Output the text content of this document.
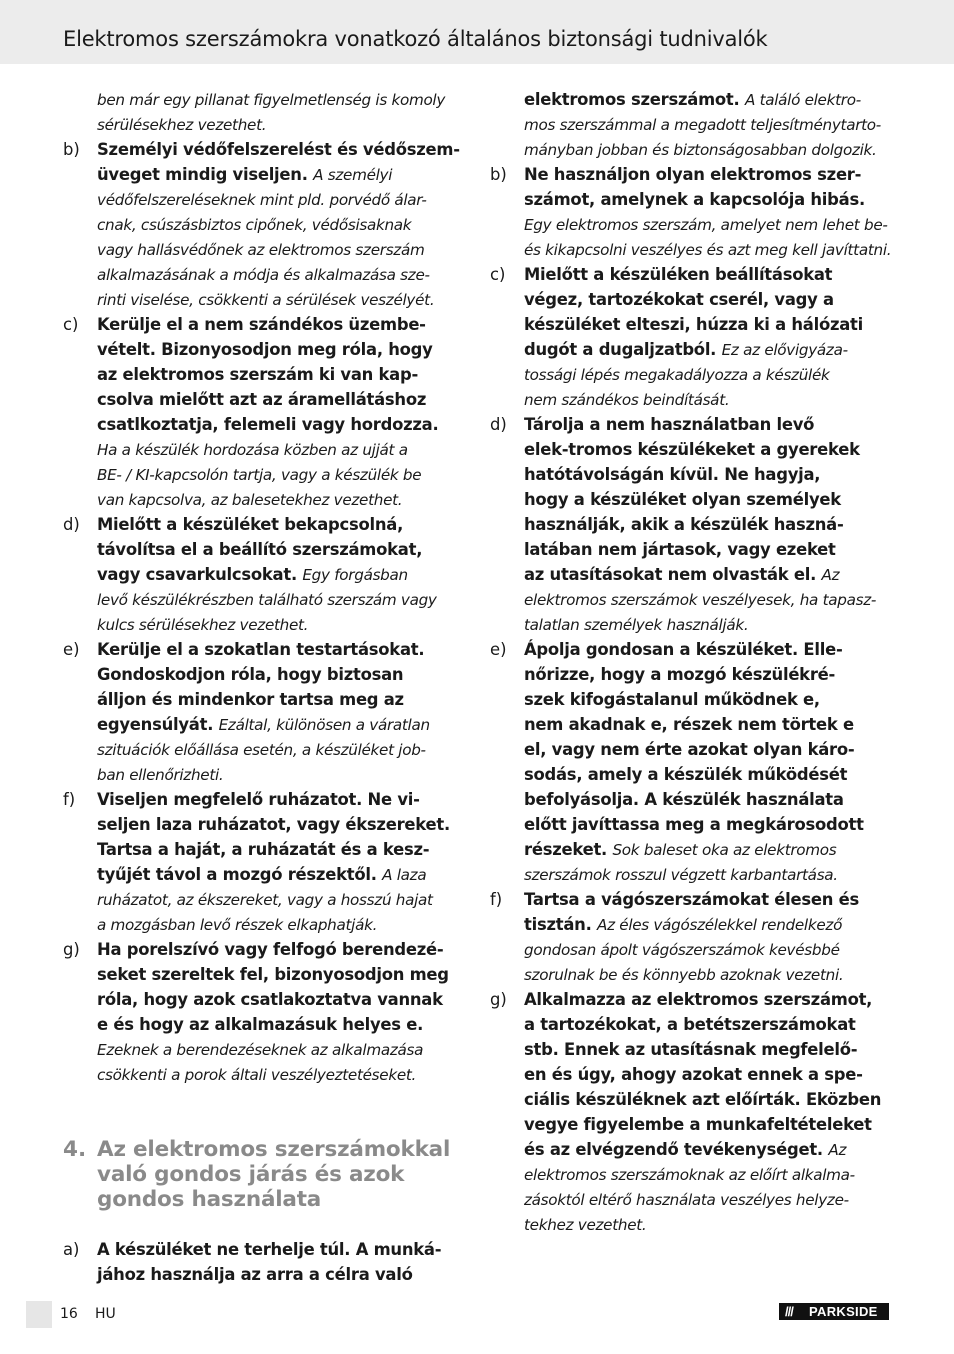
Elektromos szerszámokra vonatkozó általános biztonsági tudnivalók
ben már egy pillanat figyelmetlenség is komoly
sérülésekhez vezethet.
b) Személyi védőfelszerelést és védőszem-
üveget mindig viseljen. A személyi
védőfelszereléseknek mint pld. porvédő álar-
cnak, csúszásbiztos cipőnek, védősisaknak
vagy hallásvédőnek az elektromos szerszám
alkalmazásának a módja és alkalmazása sze-
rinti viselése, csökkenti a sérülések veszélyét.
c) Kerülje el a nem szándékos üzembe-
vételt. Bizonyosodjon meg róla, hogy
az elektromos szerszám ki van kap-
csolva mielőtt azt az áramellátáshoz
csatlkoztatja, felemeli vagy hordozza.
Ha a készülék hordozása közben az ujját a
BE- / KI-kapcsolón tartja, vagy a készülék be
van kapcsolva, az balesetekhez vezethet.
d) Mielőtt a készüléket bekapcsolná,
távolítsa el a beállító szerszámokat,
vagy csavarkulcsokat. Egy forgásban
levő készülékrészben található szerszám vagy
kulcs sérülésekhez vezethet.
e) Kerülje el a szokatlan testartásokat.
Gondoskodjon róla, hogy biztosan
álljon és mindenkor tartsa meg az
egyensúlyát. Ezáltal, különösen a váratlan
szituációk előállása esetén, a készüléket job-
ban ellenőrizheti.
f) Viseljen megfelelő ruházatot. Ne vi-
seljen laza ruházatot, vagy ékszereket.
Tartsa a haját, a ruházatát és a kesz-
tyűjét távol a mozgó részektől. A laza
ruházatot, az ékszereket, vagy a hosszú hajat
a mozgásban levő részek elkaphatják.
g) Ha porelszívó vagy felfogó berendezé-
seket szereltek fel, bizonyosodjon meg
róla, hogy azok csatlakoztatva vannak
e és hogy az alkalmazásuk helyes e.
Ezeknek a berendezéseknek az alkalmazása
csökkenti a porok általi veszélyeztetéseket.
4. Az elektromos szerszámokkal
való gondos járás és azok
gondos használata
a) A készüléket ne terhelje túl. A munká-
jához használja az arra a célra való
elektromos szerszámot. A találó elektro-
mos szerszámmal a megadott teljesítménytarto-
mányban jobban és biztonságosabban dolgozik.
b) Ne használjon olyan elektromos szer-
számot, amelynek a kapcsolója hibás.
Egy elektromos szerszám, amelyet nem lehet be-
és kikapcsolni veszélyes és azt meg kell javíttatni.
c) Mielőtt a készüléken beállításokat
végez, tartozékokat cserél, vagy a
készüléket elteszi, húzza ki a hálózati
dugót a dugaljzatból. Ez az elővigyáza-
tossági lépés megakadályozza a készülék
nem szándékos beindítását.
d) Tárolja a nem használatban levő
elek-tromos készülékeket a gyerekek
hatótávolságán kívül. Ne hagyja,
hogy a készüléket olyan személyek
használják, akik a készülék haszná-
latában nem jártasok, vagy ezeket
az utasításokat nem olvasták el. Az
elektromos szerszámok veszélyesek, ha tapasz-
talatlan személyek használják.
e) Ápolja gondosan a készüléket. Elle-
nőrizze, hogy a mozgó készülékré-
szek kifogástalanul működnek e,
nem akadnak e, részek nem törtek e
el, vagy nem érte azokat olyan káro-
sodás, amely a készülék működését
befolyásolja. A készülék használata
előtt javíttassa meg a megkárosodott
részeket. Sok baleset oka az elektromos
szerszámok rosszul végzett karbantartása.
f) Tartsa a vágószerszámokat élesen és
tisztán. Az éles vágószélekkel rendelkező
gondosan ápolt vágószerszámok kevésbbé
szorulnak be és könnyebb azoknak vezetni.
g) Alkalmazza az elektromos szerszámot,
a tartozékokat, a betétszerszámokat
stb. Ennek az utasításnak megfelelő-
en és úgy, ahogy azokat ennek a spe-
ciális készüléknek azt előírták. Eközben
vegye figyelembe a munkafeltételeket
és az elvégzendő tevékenységet. Az
elektromos szerszámoknak az előírt alkalma-
zásoktól eltérő használata veszélyes helyze-
tekhez vezethet.
16 HU	/// PARKSIDE
